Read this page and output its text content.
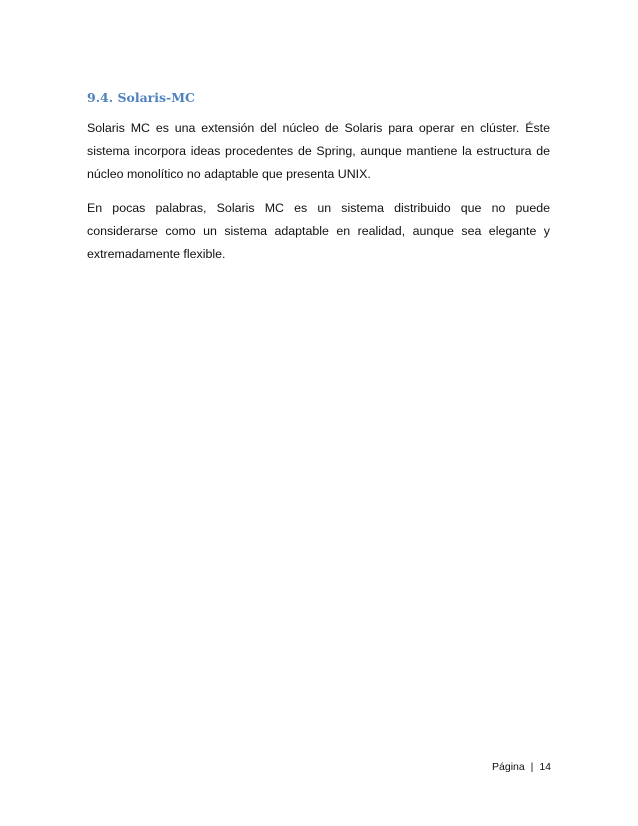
9.4. Solaris-MC

Solaris MC es una extensión del núcleo de Solaris para operar en clúster. Éste sistema incorpora ideas procedentes de Spring, aunque mantiene la estructura de núcleo monolítico no adaptable que presenta UNIX.

En pocas palabras, Solaris MC es un sistema distribuido que no puede considerarse como un sistema adaptable en realidad, aunque sea elegante y extremadamente flexible.

Página | 14
